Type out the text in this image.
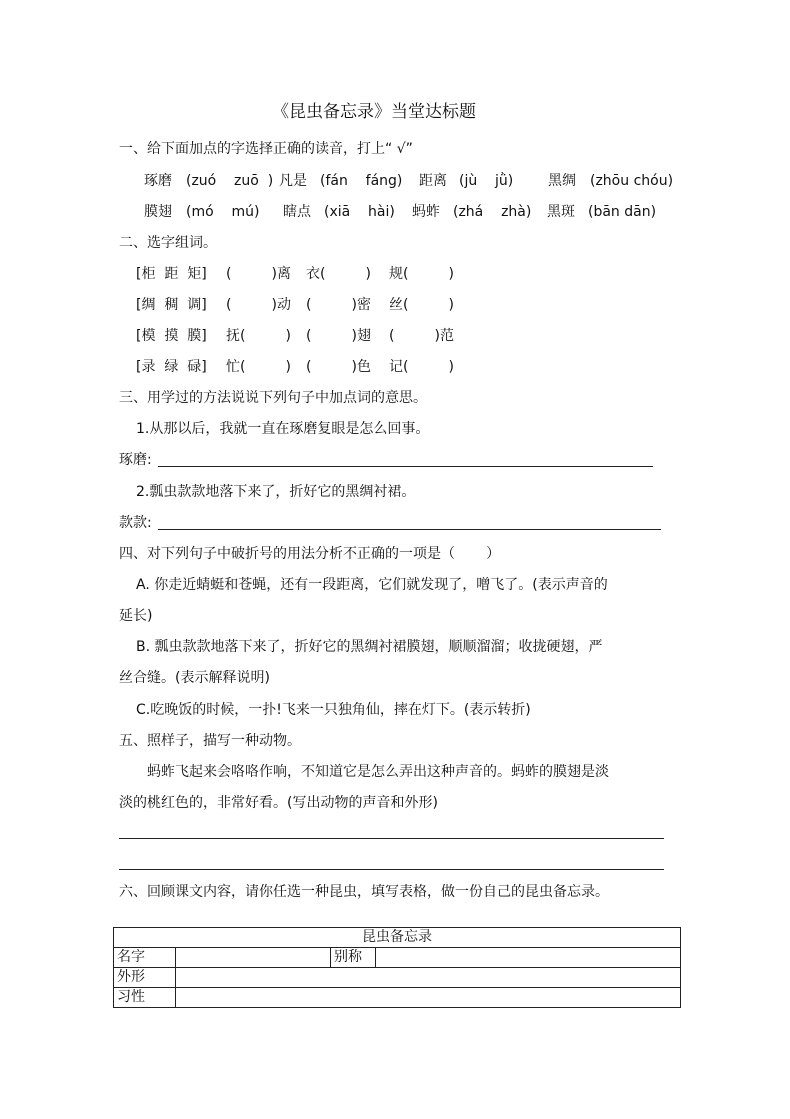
《昆虫备忘录》当堂达标题
一、给下面加点的字选择正确的读音，打上“ √”
琢磨 (zuó    zuō  ) 凡是 (fán    fáng) 距离 (jù    jǜ) 黑绸 (zhōu chóu)
膜翅 (mó    mú) 瞎点 (xiā    hài) 蚂蚱 (zhá    zhà) 黑斑 (bān dān)
二、选字组词。
[柜  距  矩] (         )离 衣(         ) 规(         )
[绸  稠  调] (         )动 (         )密 丝(         )
[模  摸  膜] 抚(         ) (         )翅 (         )范
[录  绿  碌] 忙(         ) (         )色 记(         )
三、用学过的方法说说下列句子中加点词的意思。
1.从那以后，我就一直在琢磨复眼是怎么回事。
琢磨:
2.瓢虫款款地落下来了，折好它的黑绸衬裙。
款款:
四、对下列句子中破折号的用法分析不正确的一项是（       ）
A. 你走近蜻蜓和苍蝇，还有一段距离，它们就发现了，噌飞了。(表示声音的
延长)
B. 瓢虫款款地落下来了，折好它的黑绸衬裙膜翅，顺顺溜溜；收拢硬翅，严
丝合缝。(表示解释说明)
C.吃晚饭的时候，一扑!飞来一只独角仙，摔在灯下。(表示转折)
五、照样子，描写一种动物。
蚂蚱飞起来会咯咯作响，不知道它是怎么弄出这种声音的。蚂蚱的膜翅是淡
淡的桃红色的，非常好看。(写出动物的声音和外形)
六、回顾课文内容，请你任选一种昆虫，填写表格，做一份自己的昆虫备忘录。
昆虫备忘录			
名字		别称	
外形			
习性			
